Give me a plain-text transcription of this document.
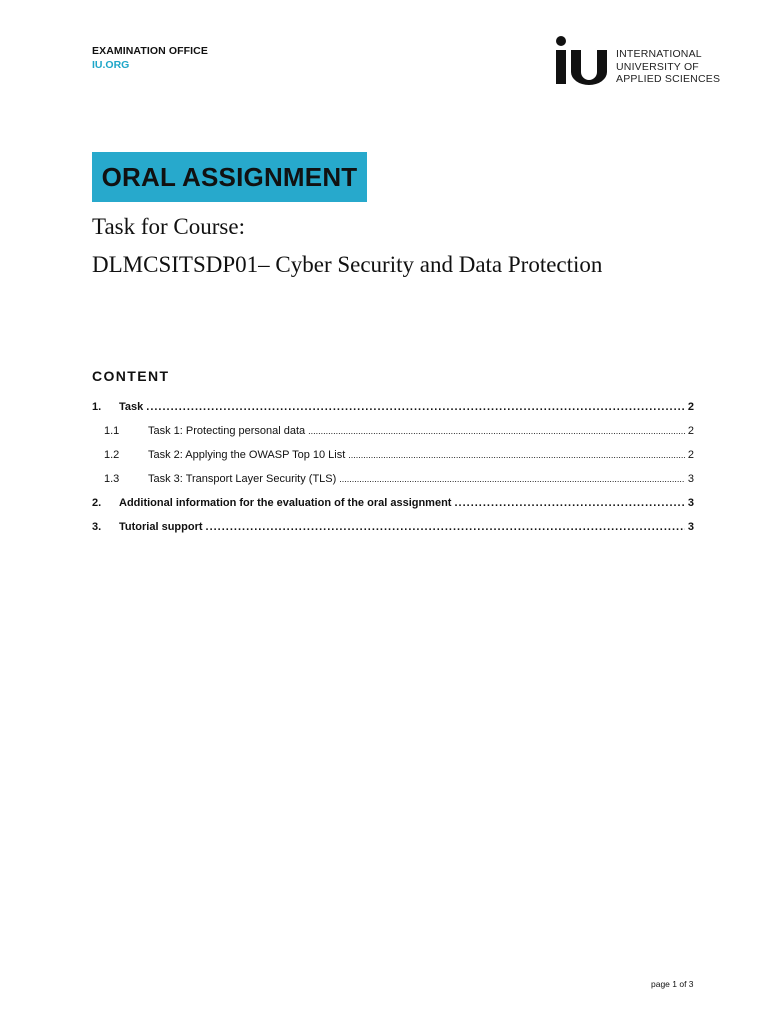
EXAMINATION OFFICE
IU.ORG
INTERNATIONAL
UNIVERSITY OF
APPLIED SCIENCES
ORAL ASSIGNMENT
Task for Course:
DLMCSITSDP01– Cyber Security and Data Protection
CONTENT
1.	Task .....	2
1.1	Task 1: Protecting personal data .....	2
1.2	Task 2: Applying the OWASP Top 10 List .....	2
1.3	Task 3: Transport Layer Security (TLS) .....	3
2.	Additional information for the evaluation of the oral assignment .....	3
3.	Tutorial support .....	3
page 1 of 3
